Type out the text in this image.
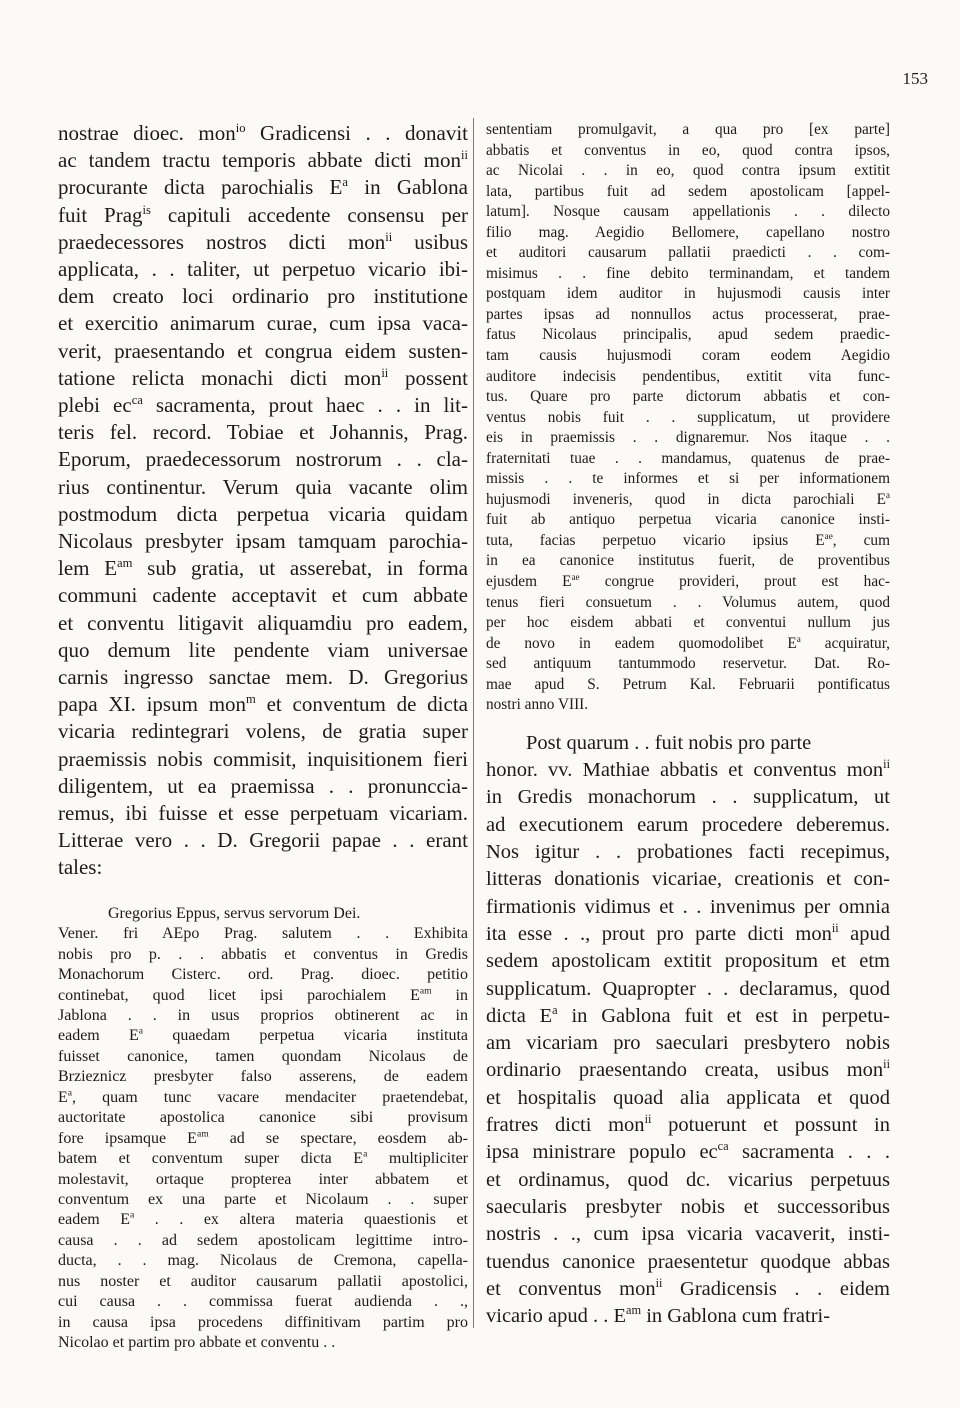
153
nostrae dioec. mon$^{io}$ Gradicensi . . donavit
ac tandem tractu temporis abbate dicti mon$^{ii}$
procurante dicta parochialis $E^a$ in Gablona
fuit Prag$^{is}$ capituli accedente consensu per
praedecessores nostros dicti mon$^{ii}$ usibus
applicata, . . taliter, ut perpetuo vicario ibi-
dem creato loci ordinario pro institutione
et exercitio animarum curae, cum ipsa vaca-
verit, praesentando et congrua eidem susten-
tatione relicta monachi dicti mon$^{ii}$ possent
plebi $ec^{ca}$ sacramenta, prout haec . . in lit-
teris fel. record. Tobiae et Johannis, Prag.
Eporum, praedecessorum nostrorum . . cla-
rius continentur. Verum quia vacante olim
postmodum dicta perpetua vicaria quidam
Nicolaus presbyter ipsam tamquam parochia-
lem $E^{am}$ sub gratia, ut asserebat, in forma
communi cadente acceptavit et cum abbate
et conventu litigavit aliquamdiu pro eadem,
quo demum lite pendente viam universae
carnis ingresso sanctae mem. D. Gregorius
papa XI. ipsum mon$^m$ et conventum de dicta
vicaria redintegrari volens, de gratia super
praemissis nobis commisit, inquisitionem fieri
diligentem, ut ea praemissa . . pronunccia-
remus, ibi fuisse et esse perpetuam vicariam.
Litterae vero . . D. Gregorii papae . . erant
tales:
Gregorius Eppus, servus servorum Dei.
Vener. fri AEpo Prag. salutem . . Exhibita
nobis pro p. . . abbatis et conventus in Gredis
Monachorum Cisterc. ord. Prag. dioec. petitio
continebat, quod licet ipsi parochialem $E^{am}$ in
Jablona . . in usus proprios obtinerent ac in
eadem $E^a$ quaedam perpetua vicaria instituta
fuisset canonice, tamen quondam Nicolaus de
Brzieznicz presbyter falso asserens, de eadem
$E^a$, quam tunc vacare mendaciter praetendebat,
auctoritate apostolica canonice sibi provisum
fore ipsamque $E^{am}$ ad se spectare, eosdem ab-
batem et conventum super dicta $E^a$ multipliciter
molestavit, ortaque propterea inter abbatem et
conventum ex una parte et Nicolaum . . super
eadem $E^a$ . . ex altera materia quaestionis et
causa . . ad sedem apostolicam legittime intro-
ducta, . . mag. Nicolaus de Cremona, capella-
nus noster et auditor causarum pallatii apostolici,
cui causa . . commissa fuerat audienda . .,
in causa ipsa procedens diffinitivam partim pro
Nicolao et partim pro abbate et conventu . .
sententiam promulgavit, a qua pro [ex parte]
abbatis et conventus in eo, quod contra ipsos,
ac Nicolai . . in eo, quod contra ipsum extitit
lata, partibus fuit ad sedem apostolicam [appel-
latum]. Nosque causam appellationis . . dilecto
filio mag. Aegidio Bellomere, capellano nostro
et auditori causarum pallatii praedicti . . com-
misimus . . fine debito terminandam, et tandem
postquam idem auditor in hujusmodi causis inter
partes ipsas ad nonnullos actus processerat, prae-
fatus Nicolaus principalis, apud sedem praedic-
tam causis hujusmodi coram eodem Aegidio
auditore indecisis pendentibus, extitit vita func-
tus. Quare pro parte dictorum abbatis et con-
ventus nobis fuit . . supplicatum, ut providere
eis in praemissis . . dignaremur. Nos itaque . .
fraternitati tuae . . mandamus, quatenus de prae-
missis . . te informes et si per informationem
hujusmodi inveneris, quod in dicta parochiali $E^a$
fuit ab antiquo perpetua vicaria canonice insti-
tuta, facias perpetuo vicario ipsius $E^{ae}$, cum
in ea canonice institutus fuerit, de proventibus
ejusdem $E^{ae}$ congrue provideri, prout est hac-
tenus fieri consuetum . . Volumus autem, quod
per hoc eisdem abbati et conventui nullum jus
de novo in eadem quomodolibet $E^a$ acquiratur,
sed antiquum tantummodo reservetur. Dat. Ro-
mae apud S. Petrum Kal. Februarii pontificatus
nostri anno VIII.
Post quarum . . fuit nobis pro parte
honor. vv. Mathiae abbatis et conventus mon$^{ii}$
in Gredis monachorum . . supplicatum, ut
ad executionem earum procedere deberemus.
Nos igitur . . probationes facti recepimus,
litteras donationis vicariae, creationis et con-
firmationis vidimus et . . invenimus per omnia
ita esse . ., prout pro parte dicti mon$^{ii}$ apud
sedem apostolicam extitit propositum et etm
supplicatum. Quapropter . . declaramus, quod
dicta $E^a$ in Gablona fuit et est in perpetu-
am vicariam pro saeculari presbytero nobis
ordinario praesentando creata, usibus mon$^{ii}$
et hospitalis quoad alia applicata et quod
fratres dicti mon$^{ii}$ potuerunt et possunt in
ipsa ministrare populo $ec^{ca}$ sacramenta . . .
et ordinamus, quod dc. vicarius perpetuus
saecularis presbyter nobis et successoribus
nostris . ., cum ipsa vicaria vacaverit, insti-
tuendus canonice praesentetur quodque abbas
et conventus mon$^{ii}$ Gradicensis . . eidem
vicario apud . . $E^{am}$ in Gablona cum fratri-
